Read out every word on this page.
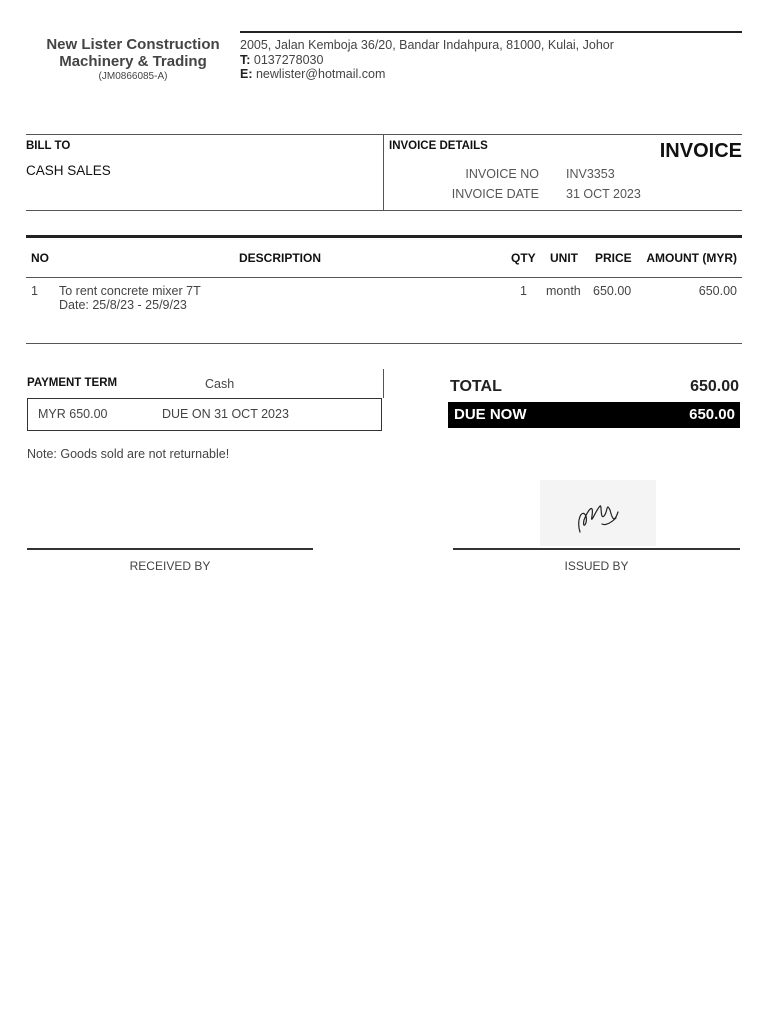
New Lister Construction
Machinery & Trading
(JM0866085-A)
2005, Jalan Kemboja 36/20, Bandar Indahpura, 81000, Kulai, Johor
T: 0137278030
E: newlister@hotmail.com
BILL TO
CASH SALES
INVOICE DETAILS	INVOICE
INVOICE NO INV3353
INVOICE DATE 31 OCT 2023
NO	DESCRIPTION	QTY UNIT PRICE AMOUNT (MYR)
1 To rent concrete mixer 7T
Date: 25/8/23 - 25/9/23
1 month 650.00	650.00
PAYMENT TERM	Cash
MYR 650.00	DUE ON 31 OCT 2023
TOTAL	650.00
DUE NOW	650.00
Note: Goods sold are not returnable!
RECEIVED BY	ISSUED BY
